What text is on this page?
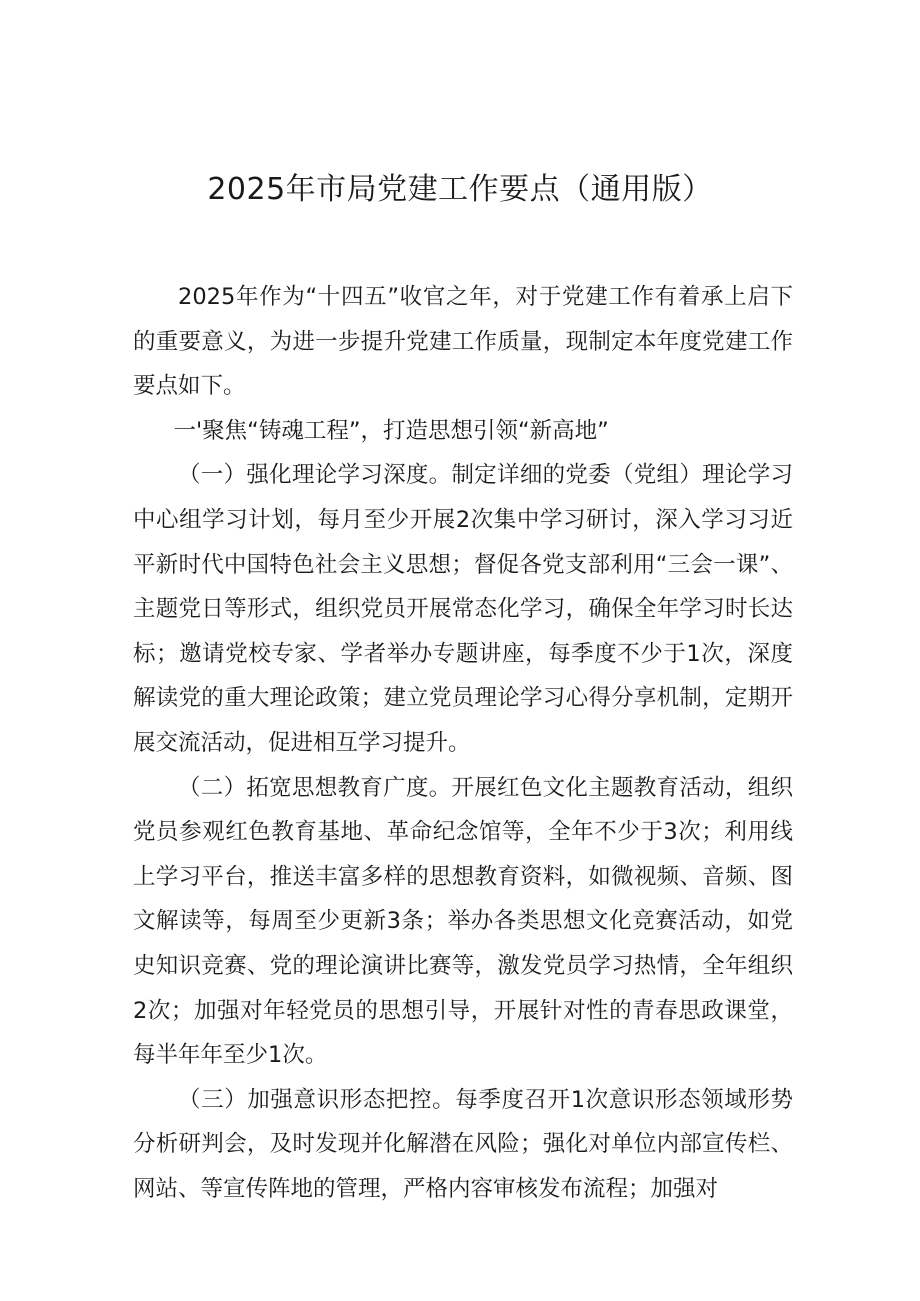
2025年市局党建工作要点（通用版）

2025年作为“十四五”收官之年，对于党建工作有着承上启下的重要意义，为进一步提升党建工作质量，现制定本年度党建工作要点如下。

一'聚焦“铸魂工程”，打造思想引领“新高地”

（一）强化理论学习深度。制定详细的党委（党组）理论学习中心组学习计划，每月至少开展2次集中学习研讨，深入学习习近平新时代中国特色社会主义思想；督促各党支部利用“三会一课”、主题党日等形式，组织党员开展常态化学习，确保全年学习时长达标；邀请党校专家、学者举办专题讲座，每季度不少于1次，深度解读党的重大理论政策；建立党员理论学习心得分享机制，定期开展交流活动，促进相互学习提升。

（二）拓宽思想教育广度。开展红色文化主题教育活动，组织党员参观红色教育基地、革命纪念馆等，全年不少于3次；利用线上学习平台，推送丰富多样的思想教育资料，如微视频、音频、图文解读等，每周至少更新3条；举办各类思想文化竞赛活动，如党史知识竞赛、党的理论演讲比赛等，激发党员学习热情，全年组织2次；加强对年轻党员的思想引导，开展针对性的青春思政课堂，每半年年至少1次。

（三）加强意识形态把控。每季度召开1次意识形态领域形势分析研判会，及时发现并化解潜在风险；强化对单位内部宣传栏、网站、等宣传阵地的管理，严格内容审核发布流程；加强对
